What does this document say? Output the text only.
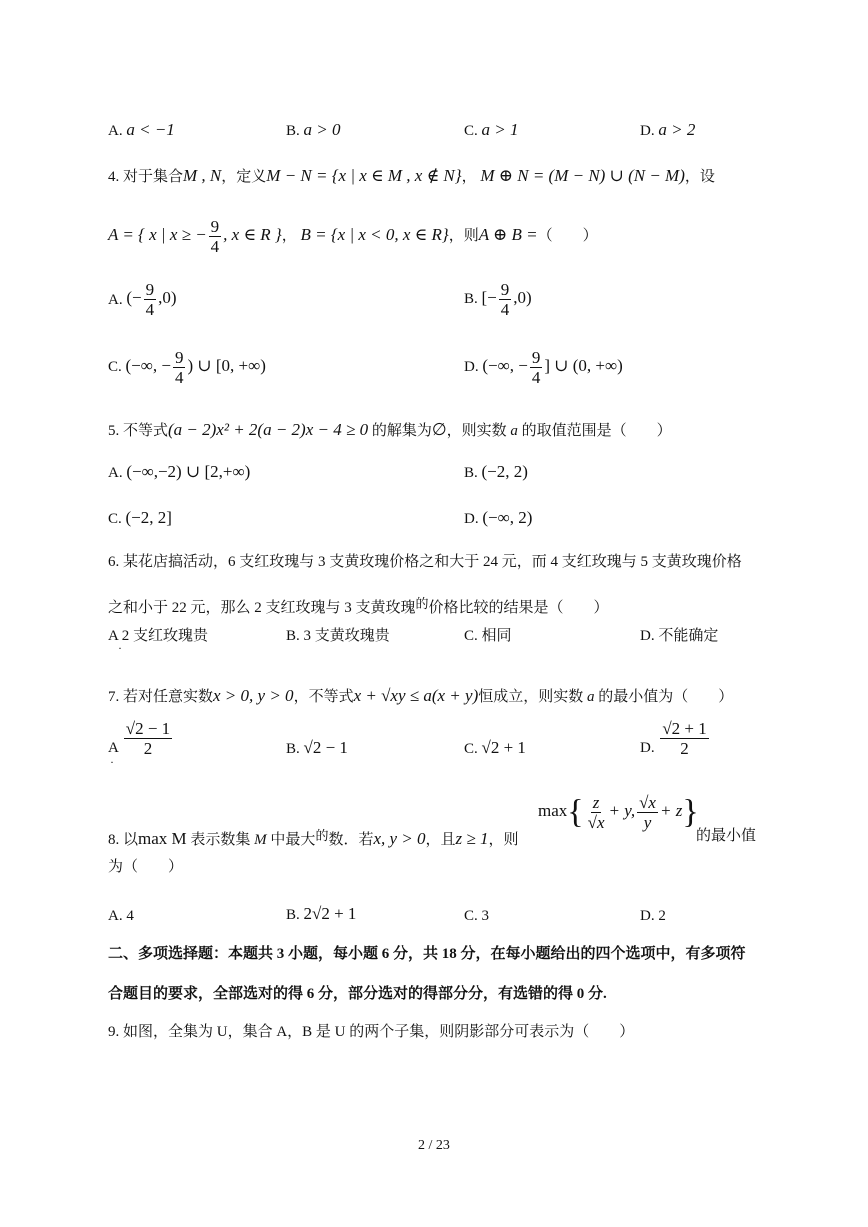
A. a < −1	B. a > 0	C. a > 1	D. a > 2
4. 对于集合M , N，定义M − N = {x | x ∈ M , x ∉ N}， M ⊕ N = (M − N) ∪ (N − M)，设
A = { x | x ≥ − $\frac{9}{4}$ , x ∈ R }， B = {x | x < 0, x ∈ R}，则A ⊕ B =（　　）
A. (− $\frac{9}{4} ,0$)	B. [− $\frac{9}{4} ,0$)
C. (−∞, − $\frac{9}{4}$ ) ∪ [0, +∞)	D. (−∞, − $\frac{9}{4}$ ] ∪ (0, +∞)
5. 不等式(a − 2)x² + 2(a − 2)x − 4 ≥ 0 的解集为∅，则实数 a 的取值范围是（　　）
A. (−∞,−2) ∪ [2,+∞)	B. (−2, 2)
C. (−2, 2]	D. (−∞, 2)
6. 某花店搞活动，6 支红玫瑰与 3 支黄玫瑰价格之和大于 24 元，而 4 支红玫瑰与 5 支黄玫瑰价格
之和小于 22 元，那么 2 支红玫瑰与 3 支黄玫瑰的价格比较的结果是（　　）
A 2 支红玫瑰贵
·
B. 3 支黄玫瑰贵	C. 相同	D. 不能确定
7. 若对任意实数x > 0, y > 0，不等式x + √xy ≤ a(x + y)恒成立，则实数 a 的最小值为（　　）
A $\frac{√2 - 1}{2}$
·
B. √2 − 1	C. √2 + 1	D. $\frac{√2 + 1}{2}$
$\max\{ \frac{z}{√x} + y$, $\frac{√x}{y} + z$}
8. 以max M 表示数集 M 中最大的数．若x, y > 0，且z ≥ 1，则	的最小值
为（　　）
A. 4	B. 2√2 + 1	C. 3	D. 2
二、多项选择题：本题共 3 小题，每小题 6 分，共 18 分，在每小题给出的四个选项中，有多项符
合题目的要求，全部选对的得 6 分，部分选对的得部分分，有选错的得 0 分.
9. 如图，全集为 U，集合 A，B 是 U 的两个子集，则阴影部分可表示为（　　）
2 / 23
